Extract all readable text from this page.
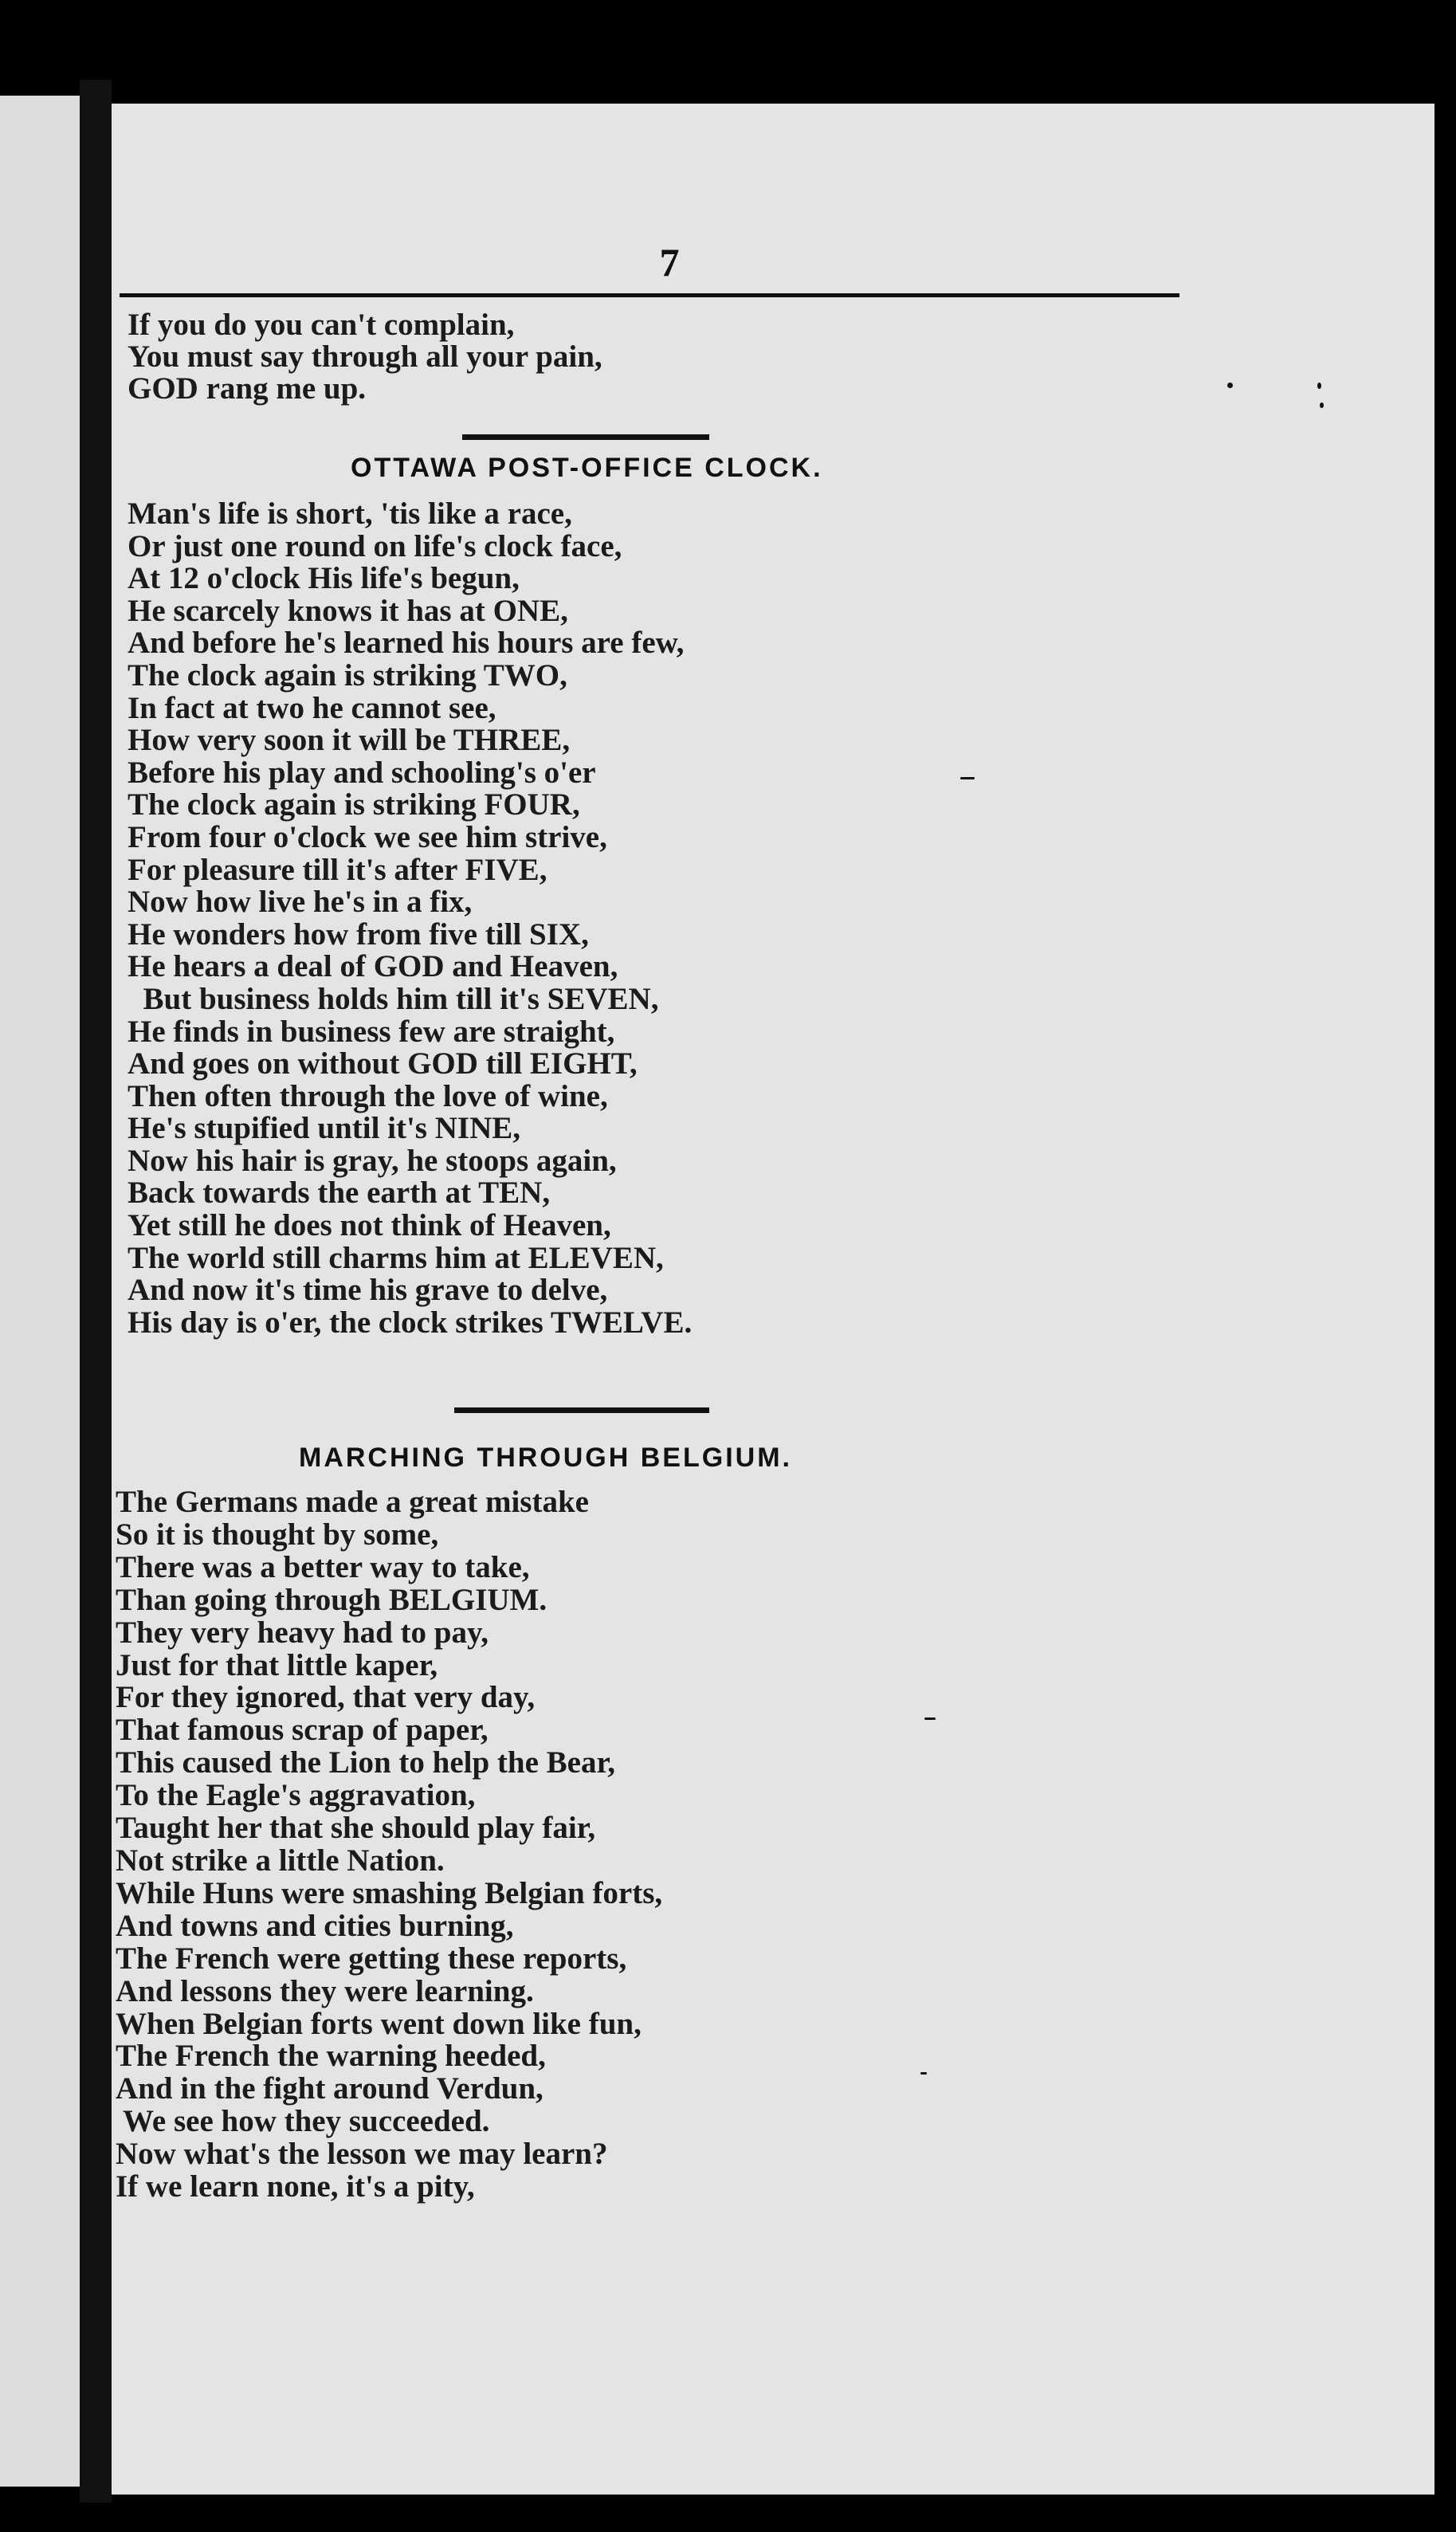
7
If you do you can't complain,
You must say through all your pain,
GOD rang me up.
OTTAWA POST-OFFICE CLOCK.
Man's life is short, 'tis like a race,
Or just one round on life's clock face,
At 12 o'clock His life's begun,
He scarcely knows it has at ONE,
And before he's learned his hours are few,
The clock again is striking TWO,
In fact at two he cannot see,
How very soon it will be THREE,
Before his play and schooling's o'er
The clock again is striking FOUR,
From four o'clock we see him strive,
For pleasure till it's after FIVE,
Now how live he's in a fix,
He wonders how from five till SIX,
He hears a deal of GOD and Heaven,
But business holds him till it's SEVEN,
He finds in business few are straight,
And goes on without GOD till EIGHT,
Then often through the love of wine,
He's stupified until it's NINE,
Now his hair is gray, he stoops again,
Back towards the earth at TEN,
Yet still he does not think of Heaven,
The world still charms him at ELEVEN,
And now it's time his grave to delve,
His day is o'er, the clock strikes TWELVE.
MARCHING THROUGH BELGIUM.
The Germans made a great mistake
So it is thought by some,
There was a better way to take,
Than going through BELGIUM.
They very heavy had to pay,
Just for that little kaper,
For they ignored, that very day,
That famous scrap of paper,
This caused the Lion to help the Bear,
To the Eagle's aggravation,
Taught her that she should play fair,
Not strike a little Nation.
While Huns were smashing Belgian forts,
And towns and cities burning,
The French were getting these reports,
And lessons they were learning.
When Belgian forts went down like fun,
The French the warning heeded,
And in the fight around Verdun,
We see how they succeeded.
Now what's the lesson we may learn?
If we learn none, it's a pity,
